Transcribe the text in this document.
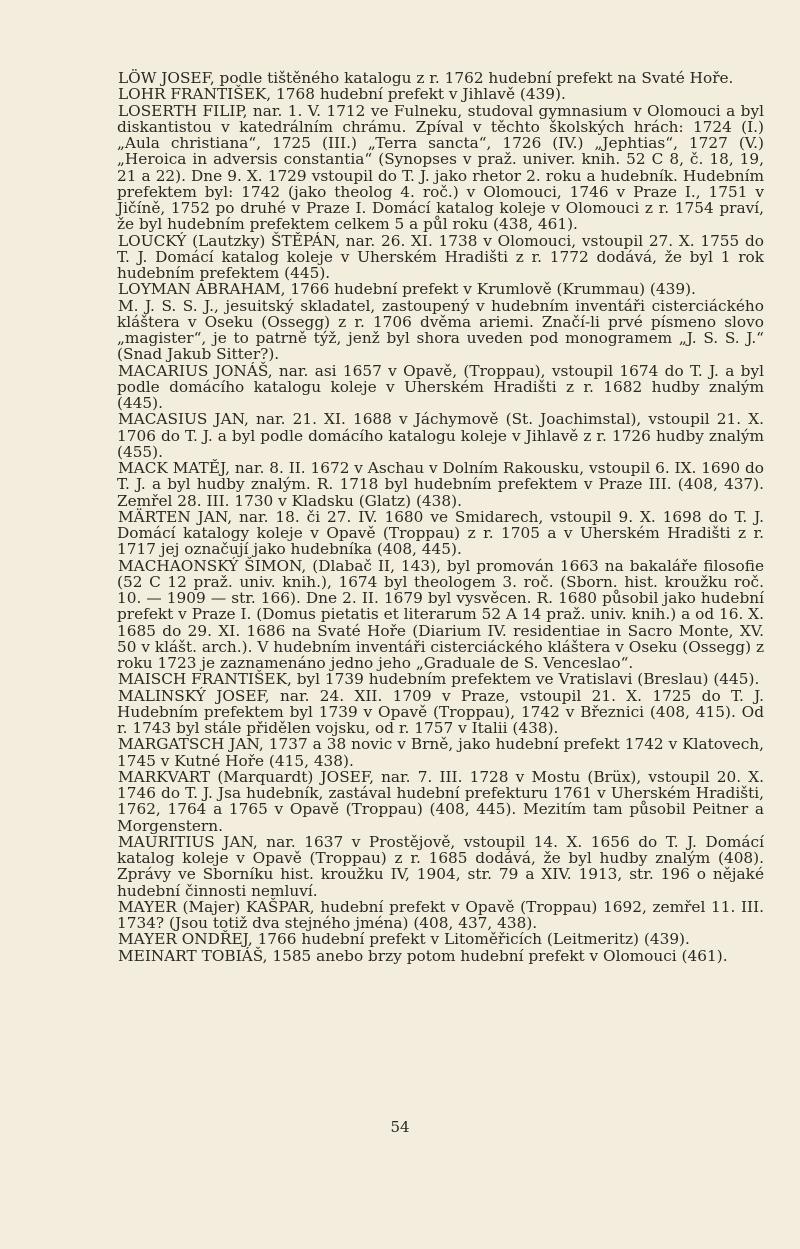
LÖW JOSEF, podle tištěného katalogu z r. 1762 hudební prefekt na Svaté Hoře.

LOHR FRANTIŠEK, 1768 hudební prefekt v Jihlavě (439).

LOSERTH FILIP, nar. 1. V. 1712 ve Fulneku, studoval gymnasium v Olomouci a byl diskantistou v katedrálním chrámu. Zpíval v těchto školských hrách: 1724 (I.) „Aula christiana“, 1725 (III.) „Terra sancta“, 1726 (IV.) „Jephtias“, 1727 (V.) „Heroica in adversis constantia“ (Synopses v praž. univer. knih. 52 C 8, č. 18, 19, 21 a 22). Dne 9. X. 1729 vstoupil do T. J. jako rhetor 2. roku a hudebník. Hudebním prefektem byl: 1742 (jako theolog 4. roč.) v Olomouci, 1746 v Praze I., 1751 v Jičíně, 1752 po druhé v Praze I. Domácí katalog koleje v Olomouci z r. 1754 praví, že byl hudebním prefektem celkem 5 a půl roku (438, 461).

LOUCKÝ (Lautzky) ŠTĚPÁN, nar. 26. XI. 1738 v Olomouci, vstoupil 27. X. 1755 do T. J. Domácí katalog koleje v Uherském Hradišti z r. 1772 dodává, že byl 1 rok hudebním prefektem (445).

LOYMAN ABRAHAM, 1766 hudební prefekt v Krumlově (Krummau) (439).

M. J. S. S. J., jesuitský skladatel, zastoupený v hudebním inventáři cisterciáckého kláštera v Oseku (Ossegg) z r. 1706 dvěma ariemi. Značí-li prvé písmeno slovo „magister“, je to patrně týž, jenž byl shora uveden pod monogramem „J. S. S. J.“ (Snad Jakub Sitter?).

MACARIUS JONÁŠ, nar. asi 1657 v Opavě, (Troppau), vstoupil 1674 do T. J. a byl podle domácího katalogu koleje v Uherském Hradišti z r. 1682 hudby znalým (445).

MACASIUS JAN, nar. 21. XI. 1688 v Jáchymově (St. Joachimstal), vstoupil 21. X. 1706 do T. J. a byl podle domácího katalogu koleje v Jihlavě z r. 1726 hudby znalým (455).

MACK MATĚJ, nar. 8. II. 1672 v Aschau v Dolním Rakousku, vstoupil 6. IX. 1690 do T. J. a byl hudby znalým. R. 1718 byl hudebním prefektem v Praze III. (408, 437). Zemřel 28. III. 1730 v Kladsku (Glatz) (438).

MÄRTEN JAN, nar. 18. či 27. IV. 1680 ve Smidarech, vstoupil 9. X. 1698 do T. J. Domácí katalogy koleje v Opavě (Troppau) z r. 1705 a v Uherském Hradišti z r. 1717 jej označují jako hudebníka (408, 445).

MACHAONSKÝ ŠIMON, (Dlabač II, 143), byl promován 1663 na bakaláře filosofie (52 C 12 praž. univ. knih.), 1674 byl theologem 3. roč. (Sborn. hist. kroužku roč. 10. — 1909 — str. 166). Dne 2. II. 1679 byl vysvěcen. R. 1680 působil jako hudební prefekt v Praze I. (Domus pietatis et literarum 52 A 14 praž. univ. knih.) a od 16. X. 1685 do 29. XI. 1686 na Svaté Hoře (Diarium IV. residentiae in Sacro Monte, XV. 50 v klášt. arch.). V hudebním inventáři cisterciáckého kláštera v Oseku (Ossegg) z roku 1723 je zaznamenáno jedno jeho „Graduale de S. Venceslao“.

MAISCH FRANTIŠEK, byl 1739 hudebním prefektem ve Vratislavi (Breslau) (445).

MALINSKÝ JOSEF, nar. 24. XII. 1709 v Praze, vstoupil 21. X. 1725 do T. J. Hudebním prefektem byl 1739 v Opavě (Troppau), 1742 v Březnici (408, 415). Od r. 1743 byl stále přidělen vojsku, od r. 1757 v Italii (438).

MARGATSCH JAN, 1737 a 38 novic v Brně, jako hudební prefekt 1742 v Klatovech, 1745 v Kutné Hoře (415, 438).

MARKVART (Marquardt) JOSEF, nar. 7. III. 1728 v Mostu (Brüx), vstoupil 20. X. 1746 do T. J. Jsa hudebník, zastával hudební prefekturu 1761 v Uherském Hradišti, 1762, 1764 a 1765 v Opavě (Troppau) (408, 445). Mezitím tam působil Peitner a Morgenstern.

MAURITIUS JAN, nar. 1637 v Prostějově, vstoupil 14. X. 1656 do T. J. Domácí katalog koleje v Opavě (Troppau) z r. 1685 dodává, že byl hudby znalým (408). Zprávy ve Sborníku hist. kroužku IV, 1904, str. 79 a XIV. 1913, str. 196 o nějaké hudební činnosti nemluví.

MAYER (Majer) KAŠPAR, hudební prefekt v Opavě (Troppau) 1692, zemřel 11. III. 1734? (Jsou totiž dva stejného jména) (408, 437, 438).

MAYER ONDŘEJ, 1766 hudební prefekt v Litoměřicích (Leitmeritz) (439).

MEINART TOBIÁŠ, 1585 anebo brzy potom hudební prefekt v Olomouci (461).

54
